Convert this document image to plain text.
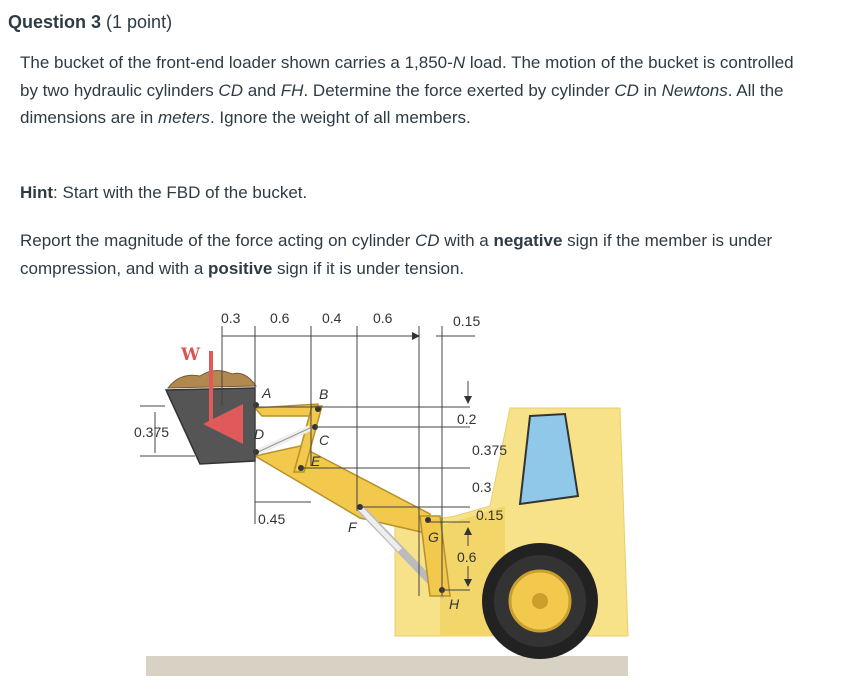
Question 3 (1 point)
The bucket of the front-end loader shown carries a 1,850-N load. The motion of the bucket is controlled by two hydraulic cylinders CD and FH. Determine the force exerted by cylinder CD in Newtons. All the dimensions are in meters. Ignore the weight of all members.
Hint: Start with the FBD of the bucket.
Report the magnitude of the force acting on cylinder CD with a negative sign if the member is under compression, and with a positive sign if it is under tension.
W
0.3 0.6 0.4 0.6	0.15
0.375
0.45
0.2
0.375
0.3
0.15
0.6
A	B
C
D
E
F
G
H
